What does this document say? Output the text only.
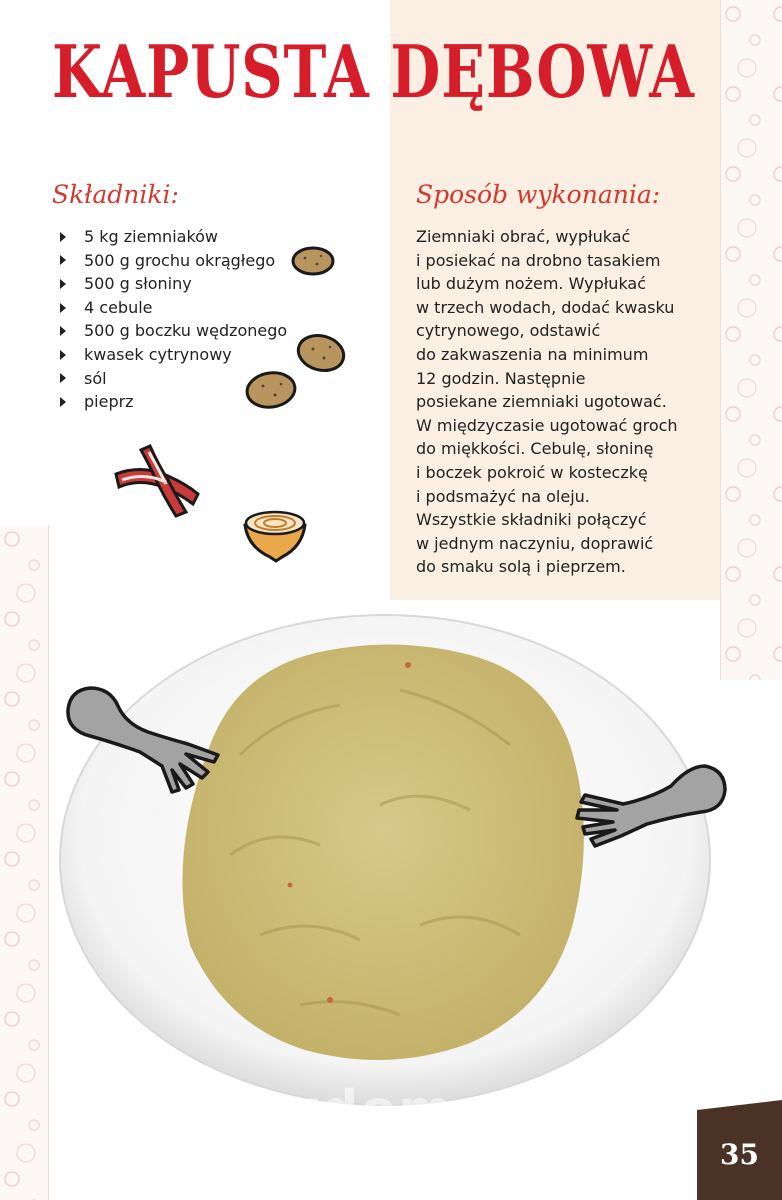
KAPUSTA DĘBOWA
Składniki:
5 kg ziemniaków
500 g grochu okrągłego
500 g słoniny
4 cebule
500 g boczku wędzonego
kwasek cytrynowy
sól
pieprz
Sposób wykonania:

Ziemniaki obrać, wypłukać
i posiekać na drobno tasakiem
lub dużym nożem. Wypłukać
w trzech wodach, dodać kwasku
cytrynowego, odstawić
do zakwaszenia na minimum
12 godzin. Następnie
posiekane ziemniaki ugotować.
W międzyczasie ugotować groch
do miękkości. Cebulę, słoninę
i boczek pokroić w kosteczkę
i podsmażyć na oleju.
Wszystkie składniki połączyć
w jednym naczyniu, doprawić
do smaku solą i pieprzem.

wedlinydomowe.pl
35
